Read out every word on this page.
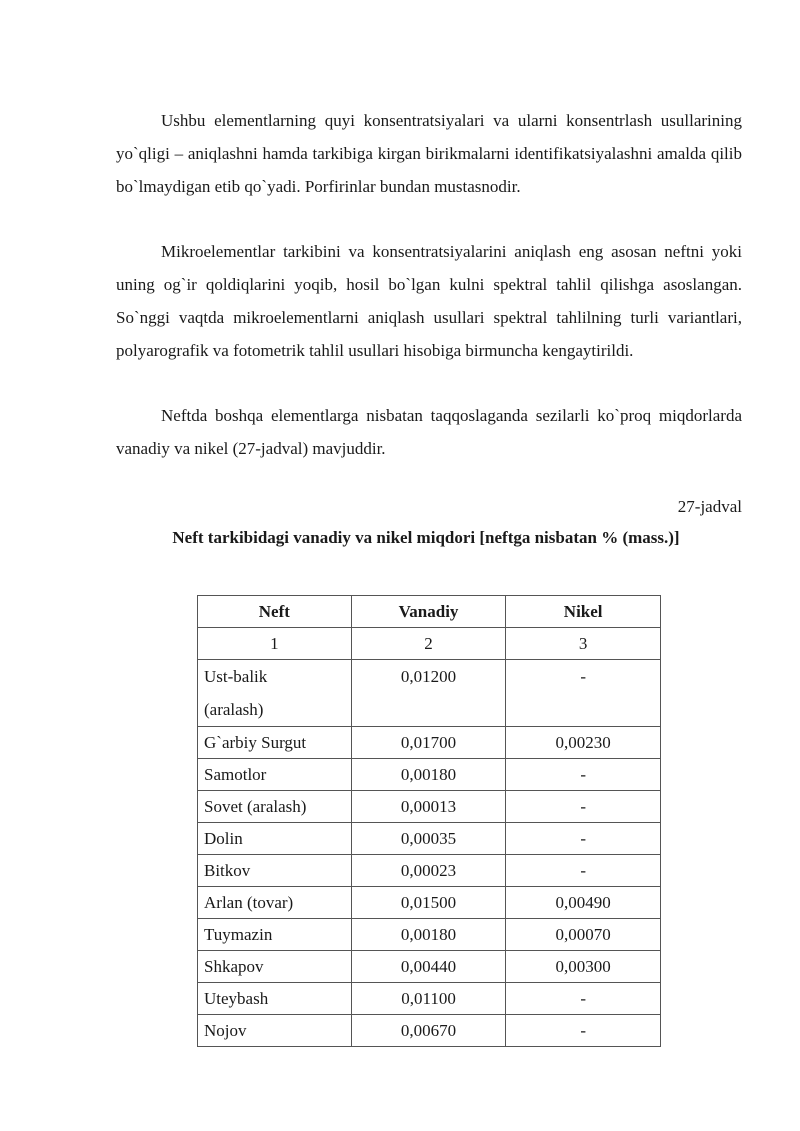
Ushbu elementlarning quyi konsentratsiyalari va ularni konsentrlash usullarining yo`qligi – aniqlashni hamda tarkibiga kirgan birikmalarni identifikatsiyalashni amalda qilib bo`lmaydigan etib qo`yadi. Porfirinlar bundan mustasnodir.

Mikroelementlar tarkibini va konsentratsiyalarini aniqlash eng asosan neftni yoki uning og`ir qoldiqlarini yoqib, hosil bo`lgan kulni spektral tahlil qilishga asoslangan. So`nggi vaqtda mikroelementlarni aniqlash usullari spektral tahlilning turli variantlari, polyarografik va fotometrik tahlil usullari hisobiga birmuncha kengaytirildi.

Neftda boshqa elementlarga nisbatan taqqoslaganda sezilarli ko`proq miqdorlarda vanadiy va nikel (27-jadval) mavjuddir.

27-jadval
Neft tarkibidagi vanadiy va nikel miqdori [neftga nisbatan % (mass.)]
Neft	Vanadiy	Nikel
1	2	3
Ust-balik
(aralash)	0,01200	-
G`arbiy Surgut	0,01700	0,00230
Samotlor	0,00180	-
Sovet (aralash)	0,00013	-
Dolin	0,00035	-
Bitkov	0,00023	-
Arlan (tovar)	0,01500	0,00490
Tuymazin	0,00180	0,00070
Shkapov	0,00440	0,00300
Uteybash	0,01100	-
Nojov	0,00670	-
